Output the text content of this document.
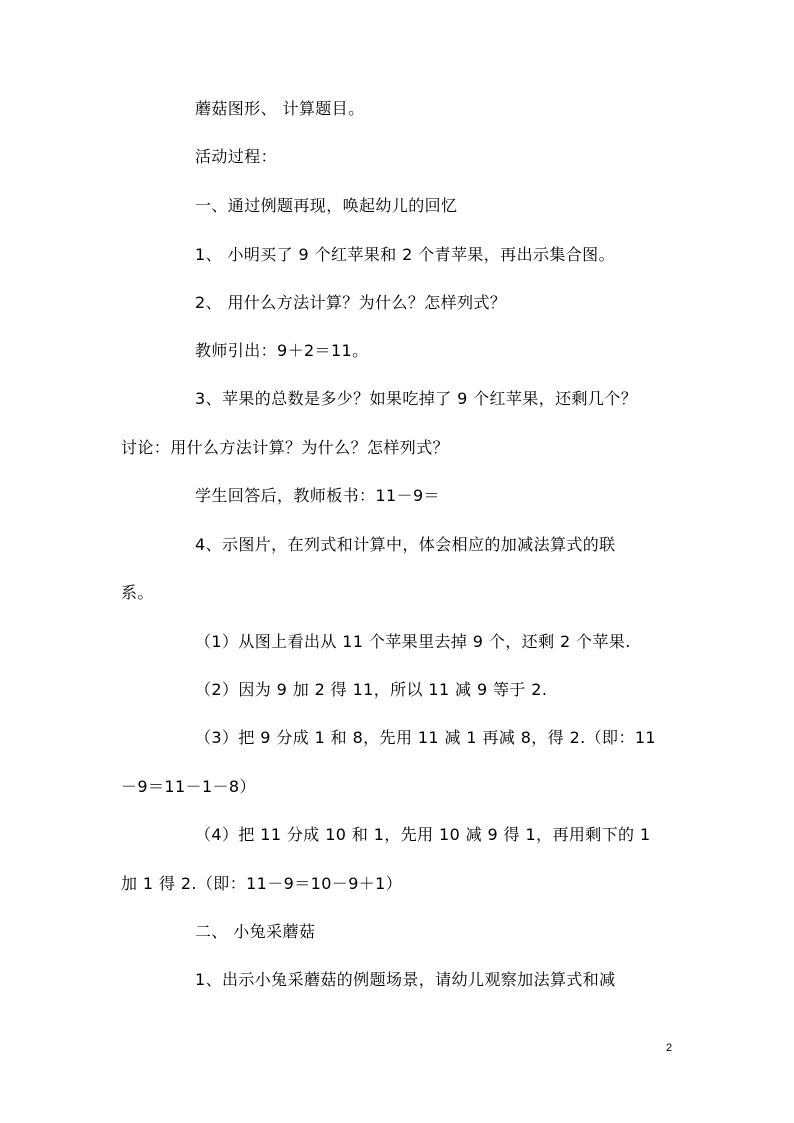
蘑菇图形、 计算题目。
活动过程：
一、通过例题再现，唤起幼儿的回忆
1、 小明买了 9 个红苹果和 2 个青苹果，再出示集合图。
2、 用什么方法计算？为什么？怎样列式？
教师引出：9＋2＝11。
3、苹果的总数是多少？如果吃掉了 9 个红苹果，还剩几个？
讨论：用什么方法计算？为什么？怎样列式？
学生回答后，教师板书：11－9＝
4、示图片，在列式和计算中，体会相应的加减法算式的联
系。
（1）从图上看出从 11 个苹果里去掉 9 个，还剩 2 个苹果.
（2）因为 9 加 2 得 11，所以 11 减 9 等于 2.
（3）把 9 分成 1 和 8，先用 11 减 1 再减 8，得 2.（即：11
－9＝11－1－8）
（4）把 11 分成 10 和 1，先用 10 减 9 得 1，再用剩下的 1
加 1 得 2.（即：11－9＝10－9＋1）
二、 小兔采蘑菇
1、出示小兔采蘑菇的例题场景，请幼儿观察加法算式和减
2
